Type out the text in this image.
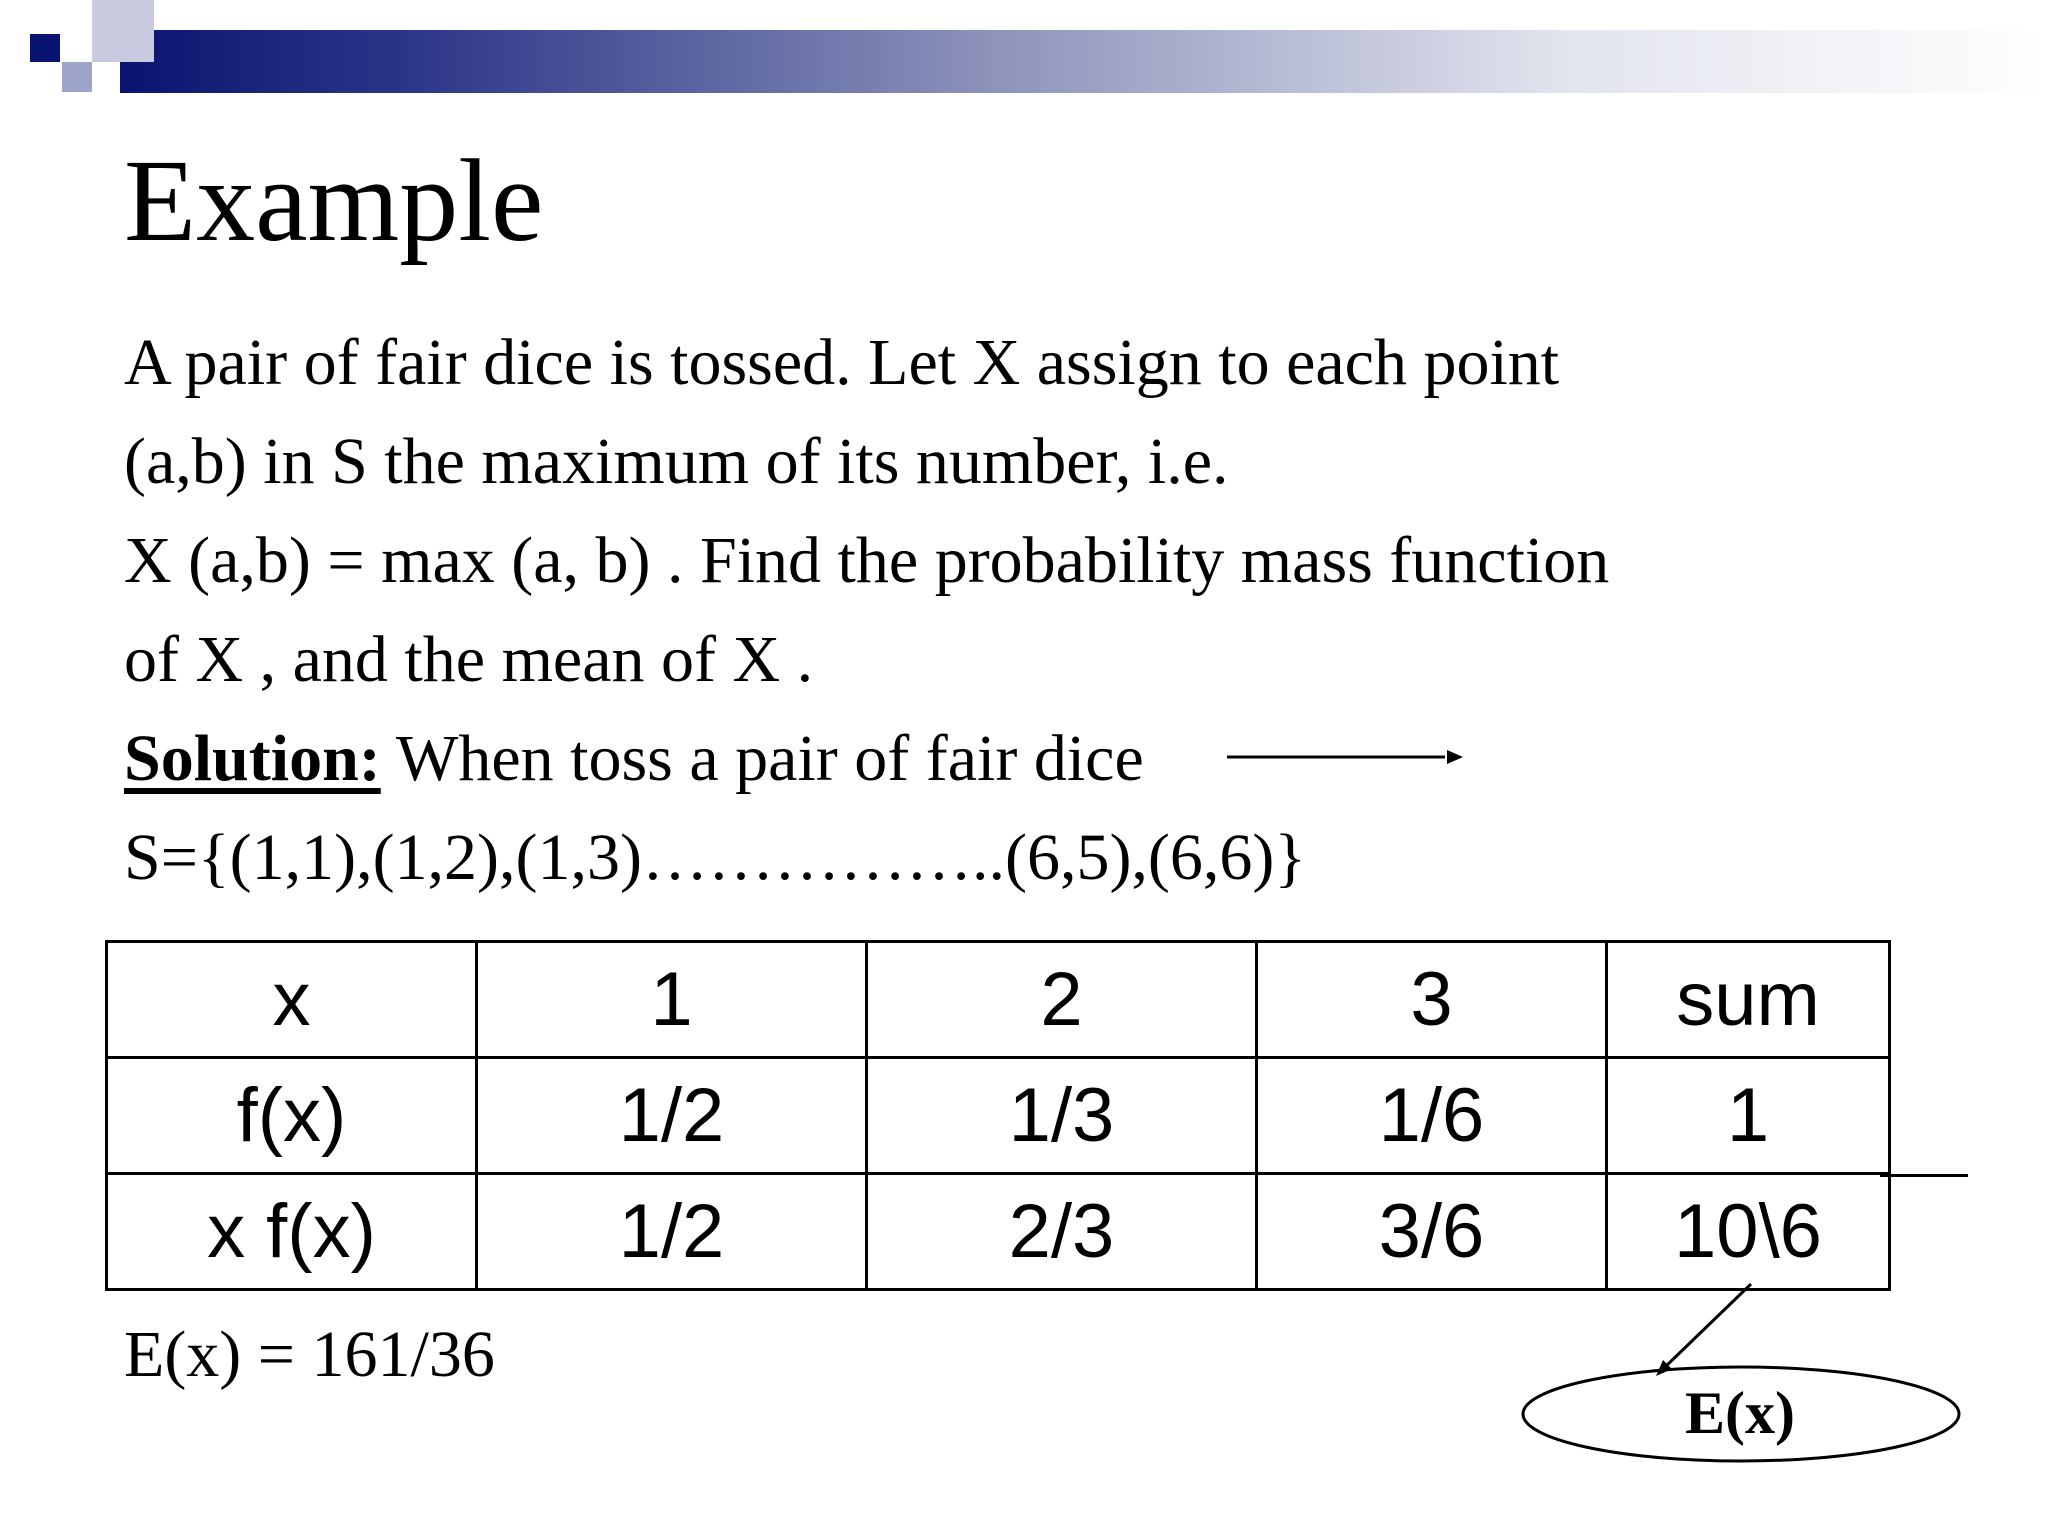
Example
A pair of fair dice is tossed. Let X assign to each point
(a,b) in S the maximum of its number, i.e.
X (a,b) = max (a, b) . Find the probability mass function
of X , and the mean of X .
Solution: When toss a pair of fair dice
S={(1,1),(1,2),(1,3)……………..(6,5),(6,6)}
x	1	2	3	sum
f(x)	1/2	1/3	1/6	1
x f(x)	1/2	2/3	3/6	10\6
E(x) = 161/36
E(x)
